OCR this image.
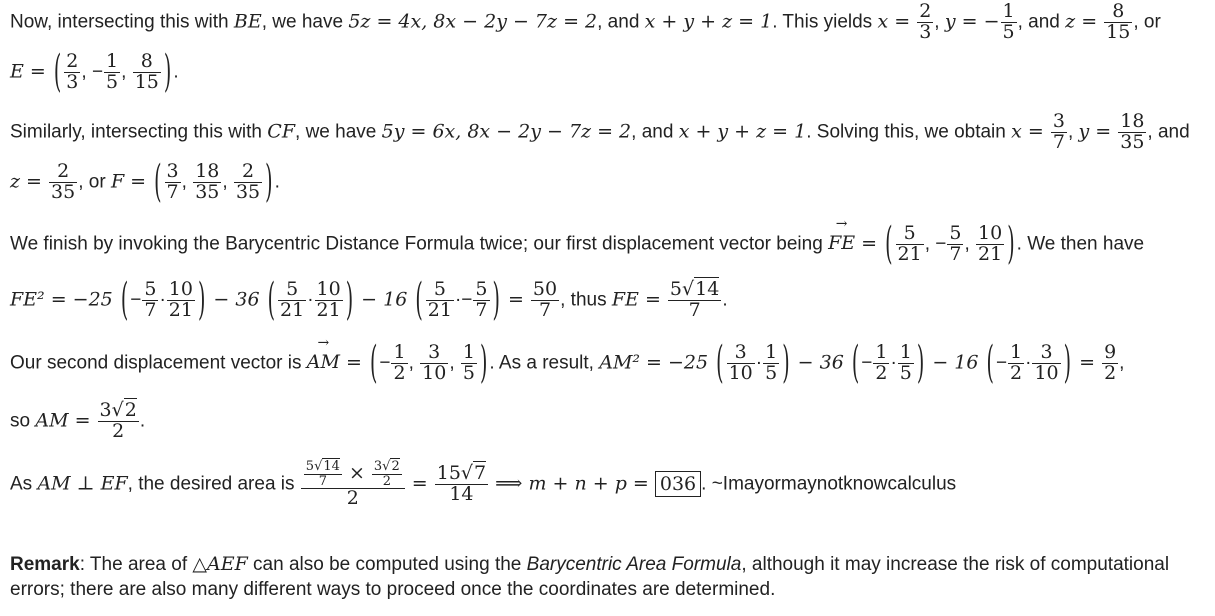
Now, intersecting this with BE, we have 5z = 4x, 8x − 2y − 7z = 2, and x + y + z = 1. This yields $x = \frac{2}{3}$ , y = − $\frac{1}{5}$ , and $z = \frac{8}{15}$ , or
E = ( $\frac{2}{3}$ , − $\frac{1}{5}$ , $\frac{8}{15}$ ) .
Similarly, intersecting this with CF, we have 5y = 6x, 8x − 2y − 7z = 2, and x + y + z = 1. Solving this, we obtain $x = \frac{3}{7}$ , $y = \frac{18}{35}$ , and
$z = \frac{2}{35}$ , or F = ( $\frac{3}{7}$ , $\frac{18}{35}$ , $\frac{2}{35}$ ) .
We finish by invoking the Barycentric Distance Formula twice; our first displacement vector being → FE = ( $\frac{5}{21}$ , − $\frac{5}{7}$ , $\frac{10}{21}$ ) . We then have
FE² = −25 ( − $\frac{5}{7} \cdot \frac{10}{21}$ ) − 36 ( $\frac{5}{21} \cdot \frac{10}{21}$ ) − 16 ( $\frac{5}{21} \cdot- \frac{5}{7}$ ) = $\frac{50}{7}$ , thus FE = $\frac{5√14}{7}$ .
Our second displacement vector is → AM = ( − $\frac{1}{2}$ , $\frac{3}{10}$ , $\frac{1}{5}$ ) . As a result, AM² = −25 ( $\frac{3}{10} \cdot \frac{1}{5}$ ) − 36 ( − $\frac{1}{2} \cdot \frac{1}{5}$ ) − 16 ( − $\frac{1}{2} \cdot \frac{3}{10}$ ) = $\frac{9}{2}$ ,
so AM = $\frac{3√2}{2}$ .
As AM ⊥ EF, the desired area is $\frac{\frac{5√14}{7} \times \frac{3√2}{2}}{2} = \frac{15√7}{14}$ ⟹ m + n + p = 036 . ~Imayormaynotknowcalculus
Remark: The area of △AEF can also be computed using the Barycentric Area Formula, although it may increase the risk of computational
errors; there are also many different ways to proceed once the coordinates are determined.
